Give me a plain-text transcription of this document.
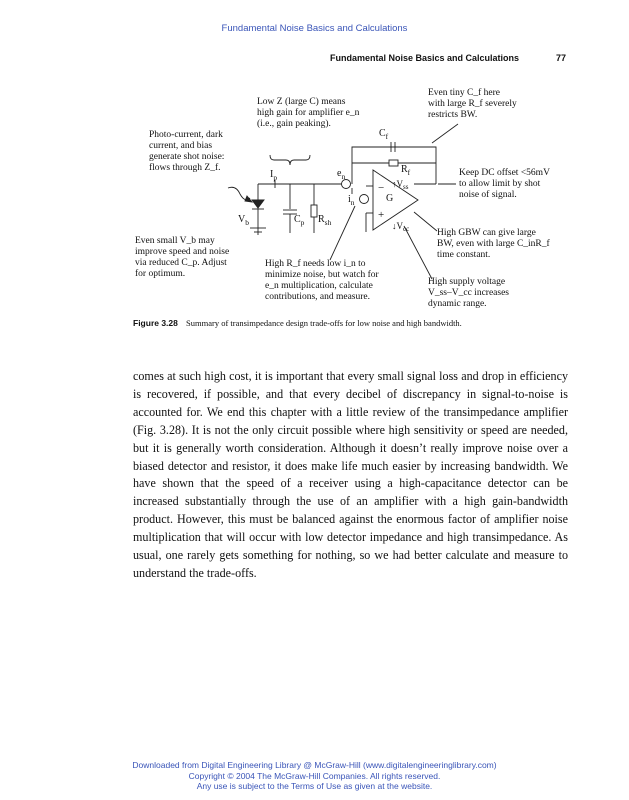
Fundamental Noise Basics and Calculations
Fundamental Noise Basics and Calculations	77
$C_f$
$R_f$
$I_p$	$e_n$
$i_n$
−
+
G
$↑V_{ss}$
$↓V_{cc}$
$V_b$	$C_p$ $R_{sh}$
Photo-current, dark
current, and bias
generate shot noise:
flows through Z_f.
Low Z (large C) means
high gain for amplifier e_n
(i.e., gain peaking).
Even tiny C_f here
with large R_f severely
restricts BW.
Keep DC offset <56mV
to allow limit by shot
noise of signal.
Even small V_b may
improve speed and noise
via reduced C_p. Adjust
for optimum.
High R_f needs low i_n to
minimize noise, but watch for
e_n multiplication, calculate
contributions, and measure.
High GBW can give large
BW, even with large C_inR_f
time constant.
High supply voltage
V_ss–V_cc increases
dynamic range.
Figure 3.28 Summary of transimpedance design trade-offs for low noise and high bandwidth.
comes at such high cost, it is important that every small signal loss and drop in efficiency is recovered, if possible, and that every decibel of discrepancy in signal-to-noise is accounted for. We end this chapter with a little review of the transimpedance amplifier (Fig. 3.28). It is not the only circuit possible where high sensitivity or speed are needed, but it is generally worth consideration. Although it doesn’t really improve noise over a biased detector and resistor, it does make life much easier by increasing bandwidth. We have shown that the speed of a receiver using a high-capacitance detector can be increased substantially through the use of an amplifier with a high gain-bandwidth product. However, this must be balanced against the enormous factor of amplifier noise multiplication that will occur with low detector impedance and high transimpedance. As usual, one rarely gets something for nothing, so we had better calculate and measure to understand the trade-offs.
Downloaded from Digital Engineering Library @ McGraw-Hill (www.digitalengineeringlibrary.com)
Copyright © 2004 The McGraw-Hill Companies. All rights reserved.
Any use is subject to the Terms of Use as given at the website.
